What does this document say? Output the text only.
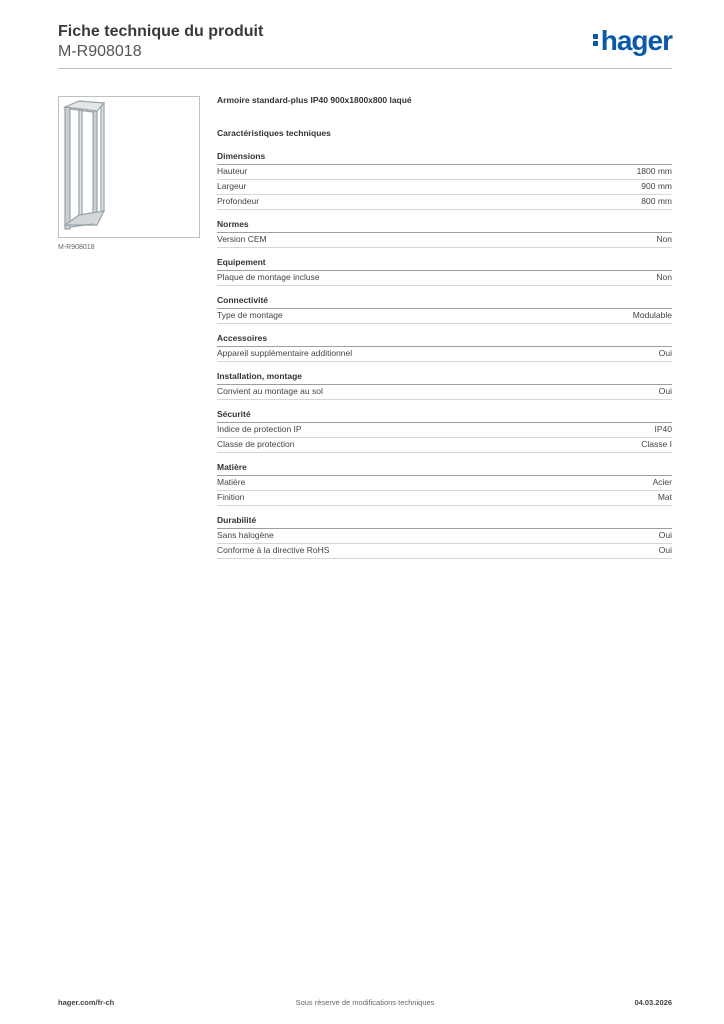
Fiche technique du produit
M-R908018	hager
M-R908018
Armoire standard-plus IP40 900x1800x800 laqué
Caractéristiques techniques
Dimensions
Hauteur	1800 mm
Largeur	900 mm
Profondeur	800 mm
Normes
Version CEM	Non
Equipement
Plaque de montage incluse	Non
Connectivité
Type de montage	Modulable
Accessoires
Appareil supplémentaire additionnel	Oui
Installation, montage
Convient au montage au sol	Oui
Sécurité
Indice de protection IP	IP40
Classe de protection	Classe I
Matière
Matière	Acier
Finition	Mat
Durabilité
Sans halogène	Oui
Conforme à la directive RoHS	Oui
hager.com/fr-ch	Sous réserve de modifications techniques	04.03.2026
